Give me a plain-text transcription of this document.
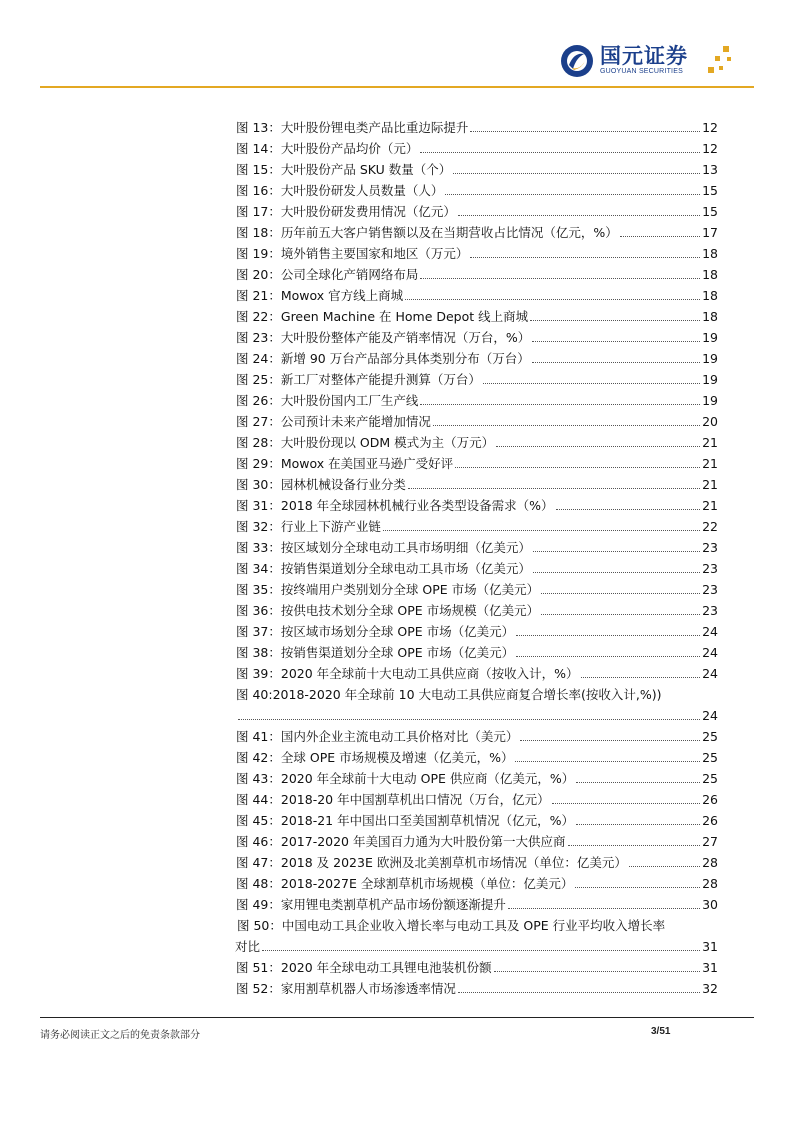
国元证券
GUOYUAN SECURITIES
图 13：大叶股份锂电类产品比重边际提升	12
图 14：大叶股份产品均价（元）	12
图 15：大叶股份产品 SKU 数量（个）	13
图 16：大叶股份研发人员数量（人）	15
图 17：大叶股份研发费用情况（亿元）	15
图 18：历年前五大客户销售额以及在当期营收占比情况（亿元，%）	17
图 19：境外销售主要国家和地区（万元）	18
图 20：公司全球化产销网络布局	18
图 21：Mowox 官方线上商城	18
图 22：Green Machine 在 Home Depot 线上商城	18
图 23：大叶股份整体产能及产销率情况（万台，%）	19
图 24：新增 90 万台产品部分具体类别分布（万台）	19
图 25：新工厂对整体产能提升测算（万台）	19
图 26：大叶股份国内工厂生产线	19
图 27：公司预计未来产能增加情况	20
图 28：大叶股份现以 ODM 模式为主（万元）	21
图 29：Mowox 在美国亚马逊广受好评	21
图 30：园林机械设备行业分类	21
图 31：2018 年全球园林机械行业各类型设备需求（%）	21
图 32：行业上下游产业链	22
图 33：按区域划分全球电动工具市场明细（亿美元）	23
图 34：按销售渠道划分全球电动工具市场（亿美元）	23
图 35：按终端用户类别划分全球 OPE 市场（亿美元）	23
图 36：按供电技术划分全球 OPE 市场规模（亿美元）	23
图 37：按区域市场划分全球 OPE 市场（亿美元）	24
图 38：按销售渠道划分全球 OPE 市场（亿美元）	24
图 39：2020 年全球前十大电动工具供应商（按收入计，%）	24
图 40:2018-2020 年全球前 10 大电动工具供应商复合增长率(按收入计,%))
24
图 41：国内外企业主流电动工具价格对比（美元）	25
图 42：全球 OPE 市场规模及增速（亿美元，%）	25
图 43：2020 年全球前十大电动 OPE 供应商（亿美元，%）	25
图 44：2018-20 年中国割草机出口情况（万台，亿元）	26
图 45：2018-21 年中国出口至美国割草机情况（亿元，%）	26
图 46：2017-2020 年美国百力通为大叶股份第一大供应商	27
图 47：2018 及 2023E 欧洲及北美割草机市场情况（单位：亿美元）	28
图 48：2018-2027E 全球割草机市场规模（单位：亿美元）	28
图 49：家用锂电类割草机产品市场份额逐渐提升	30
图 50：中国电动工具企业收入增长率与电动工具及 OPE 行业平均收入增长率
对比	31
图 51：2020 年全球电动工具锂电池装机份额	31
图 52：家用割草机器人市场渗透率情况	32
请务必阅读正文之后的免责条款部分	3/51
